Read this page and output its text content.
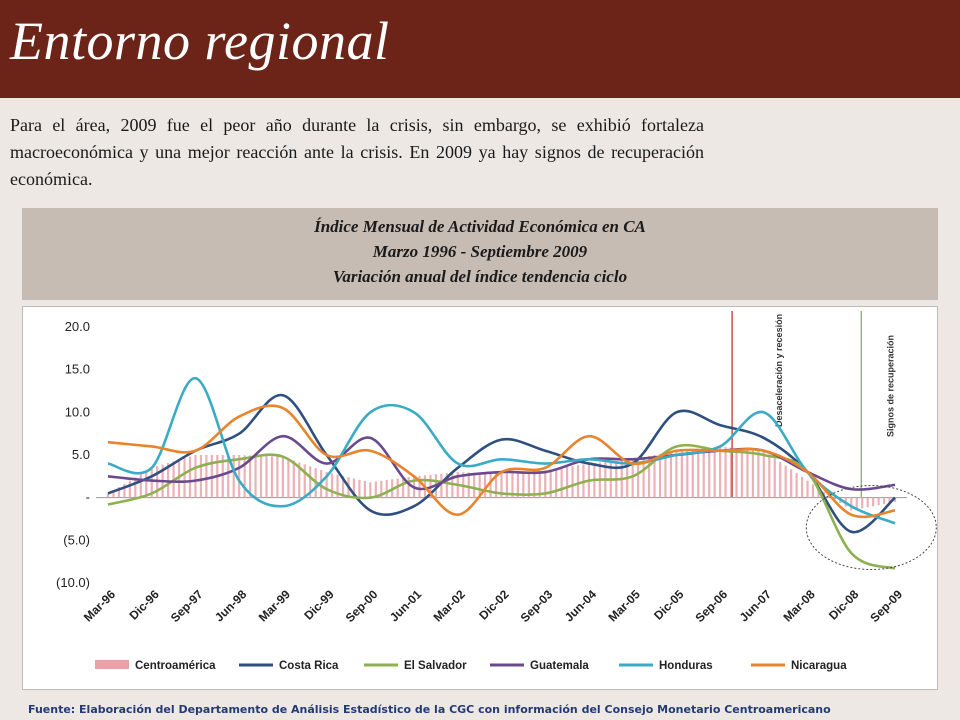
Entorno regional
Para el área, 2009 fue el peor año durante la crisis, sin embargo, se exhibió fortaleza macroeconómica y una mejor reacción ante la crisis. En 2009 ya hay signos de recuperación económica.
Índice Mensual de Actividad Económica en CA
Marzo 1996 - Septiembre 2009
Variación anual del índice tendencia ciclo
20.0
15.0
10.0
5.0
-
(5.0)
(10.0)
Desaceleración y recesión	Signos de recuperación
Mar-96 Dic-96 Sep-97 Jun-98 Mar-99 Dic-99 Sep-00 Jun-01 Mar-02 Dic-02 Sep-03 Jun-04 Mar-05 Dic-05 Sep-06 Jun-07 Mar-08 Dic-08 Sep-09
Centroamérica	Costa Rica	El Salvador	Guatemala	Honduras	Nicaragua
Fuente: Elaboración del Departamento de Análisis Estadístico de la CGC con información del Consejo Monetario Centroamericano
